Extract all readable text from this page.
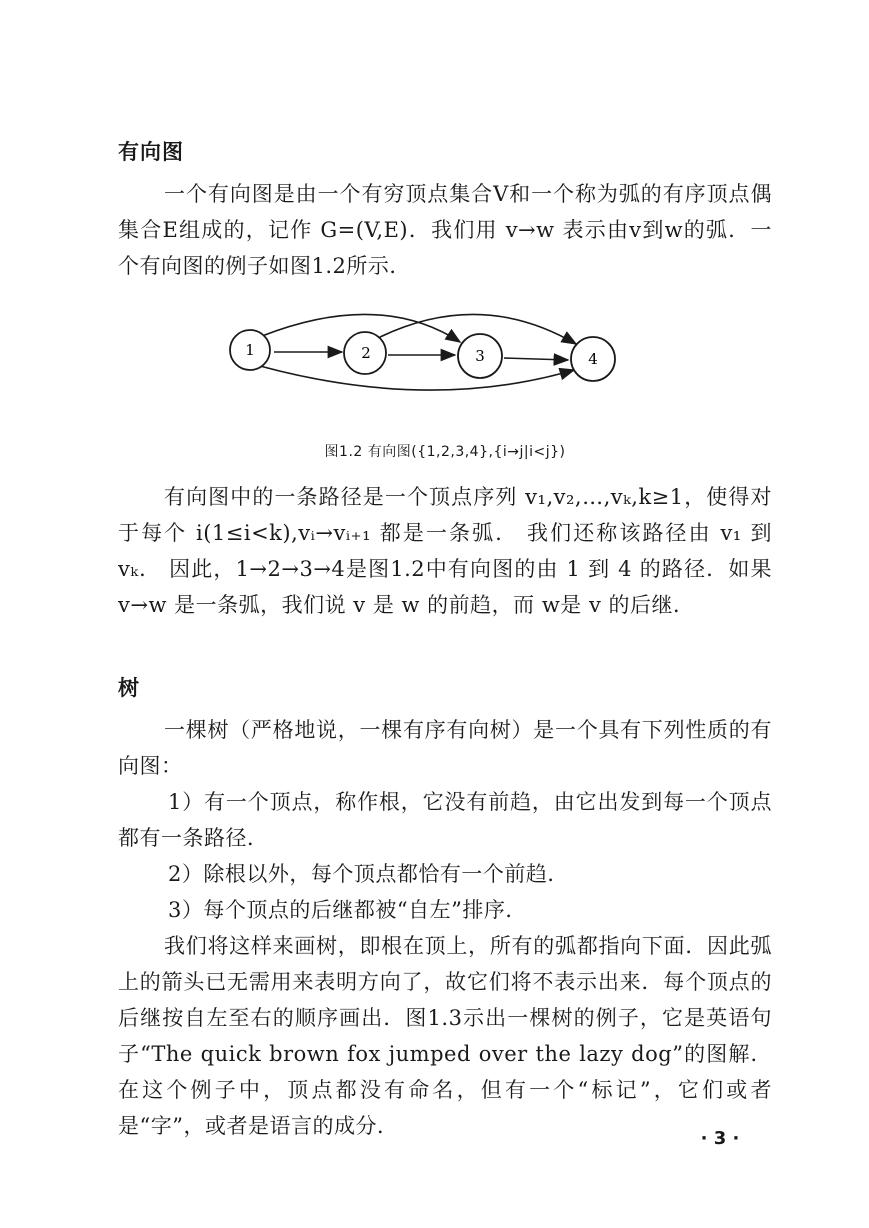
有向图

一个有向图是由一个有穷顶点集合V和一个称为弧的有序顶点偶集合E组成的，记作 G=(V,E)．我们用 v→w 表示由v到w的弧．一个有向图的例子如图1.2所示．

1	2	3	4
图1.2 有向图({1,2,3,4},{i→j|i<j})

有向图中的一条路径是一个顶点序列 v₁,v₂,…,vₖ,k≥1，使得对于每个 i(1≤i<k),vᵢ→vᵢ₊₁ 都是一条弧． 我们还称该路径由 v₁ 到 vₖ． 因此，1→2→3→4是图1.2中有向图的由 1 到 4 的路径．如果 v→w 是一条弧，我们说 v 是 w 的前趋，而 w是 v 的后继．

树

一棵树（严格地说，一棵有序有向树）是一个具有下列性质的有向图：

1）有一个顶点，称作根，它没有前趋，由它出发到每一个顶点都有一条路径．

2）除根以外，每个顶点都恰有一个前趋．

3）每个顶点的后继都被“自左”排序．

我们将这样来画树，即根在顶上，所有的弧都指向下面．因此弧上的箭头已无需用来表明方向了，故它们将不表示出来．每个顶点的后继按自左至右的顺序画出．图1.3示出一棵树的例子，它是英语句子“The quick brown fox jumped over the lazy dog”的图解．在这个例子中，顶点都没有命名，但有一个“标记”，它们或者是“字”，或者是语言的成分．

· 3 ·
